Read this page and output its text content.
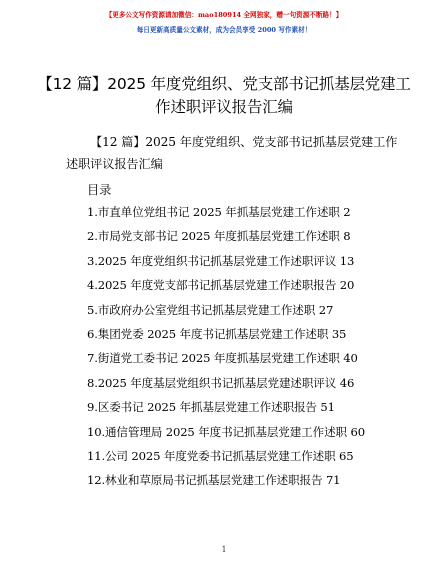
【更多公文写作资源请加微信：mao180914 全网独家，赠一句资源不断路！】
每日更新高质量公文素材，成为会员享受 2000 写作素材！
【12 篇】2025 年度党组织、党支部书记抓基层党建工作述职评议报告汇编
【12 篇】2025 年度党组织、党支部书记抓基层党建工作述职评议报告汇编
目录
1.市直单位党组书记 2025 年抓基层党建工作述职 2
2.市局党支部书记 2025 年度抓基层党建工作述职 8
3.2025 年度党组织书记抓基层党建工作述职评议 13
4.2025 年度党支部书记抓基层党建工作述职报告 20
5.市政府办公室党组书记抓基层党建工作述职 27
6.集团党委 2025 年度书记抓基层党建工作述职 35
7.街道党工委书记 2025 年度抓基层党建工作述职 40
8.2025 年度基层党组织书记抓基层党建述职评议 46
9.区委书记 2025 年抓基层党建工作述职报告 51
10.通信管理局 2025 年度书记抓基层党建工作述职 60
11.公司 2025 年度党委书记抓基层党建工作述职 65
12.林业和草原局书记抓基层党建工作述职报告 71
1
